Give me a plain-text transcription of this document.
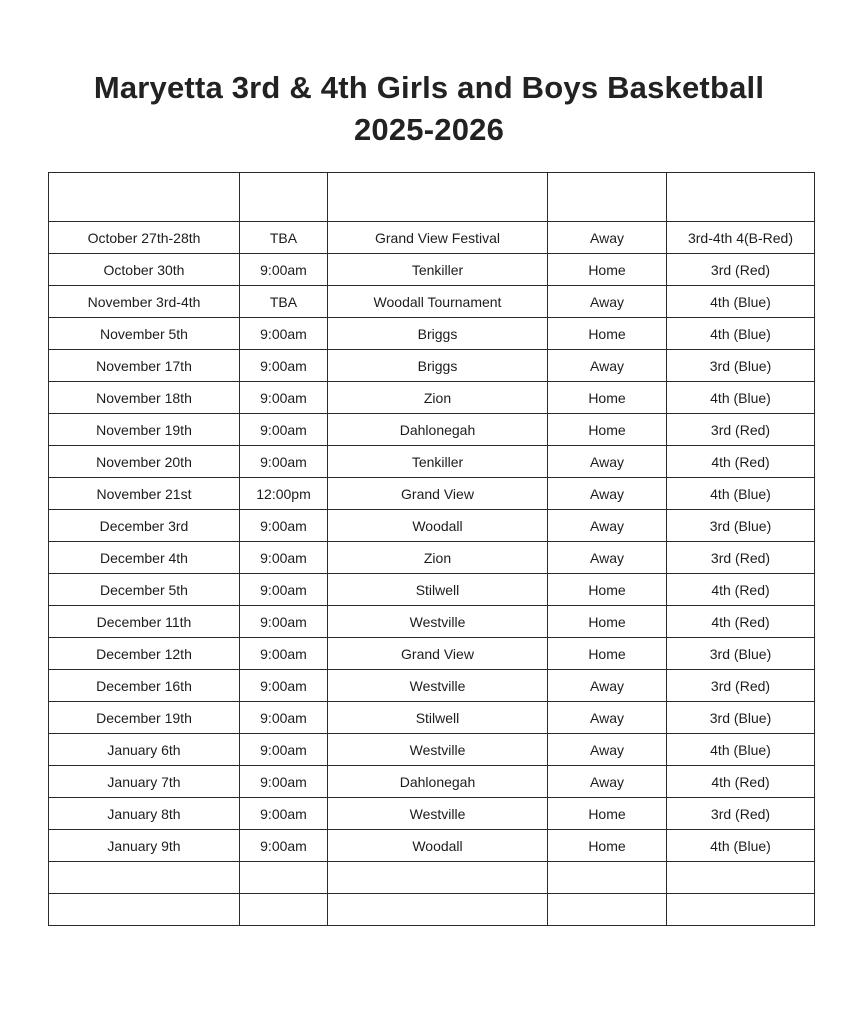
Maryetta 3rd & 4th Girls and Boys Basketball
2025-2026

October 27th-28th	TBA	Grand View Festival	Away	3rd-4th 4(B-Red)
October 30th	9:00am	Tenkiller	Home	3rd (Red)
November 3rd-4th	TBA	Woodall Tournament	Away	4th (Blue)
November 5th	9:00am	Briggs	Home	4th (Blue)
November 17th	9:00am	Briggs	Away	3rd (Blue)
November 18th	9:00am	Zion	Home	4th (Blue)
November 19th	9:00am	Dahlonegah	Home	3rd (Red)
November 20th	9:00am	Tenkiller	Away	4th (Red)
November 21st	12:00pm	Grand View	Away	4th (Blue)
December 3rd	9:00am	Woodall	Away	3rd (Blue)
December 4th	9:00am	Zion	Away	3rd (Red)
December 5th	9:00am	Stilwell	Home	4th (Red)
December 11th	9:00am	Westville	Home	4th (Red)
December 12th	9:00am	Grand View	Home	3rd (Blue)
December 16th	9:00am	Westville	Away	3rd (Red)
December 19th	9:00am	Stilwell	Away	3rd (Blue)
January 6th	9:00am	Westville	Away	4th (Blue)
January 7th	9:00am	Dahlonegah	Away	4th (Red)
January 8th	9:00am	Westville	Home	3rd (Red)
January 9th	9:00am	Woodall	Home	4th (Blue)
